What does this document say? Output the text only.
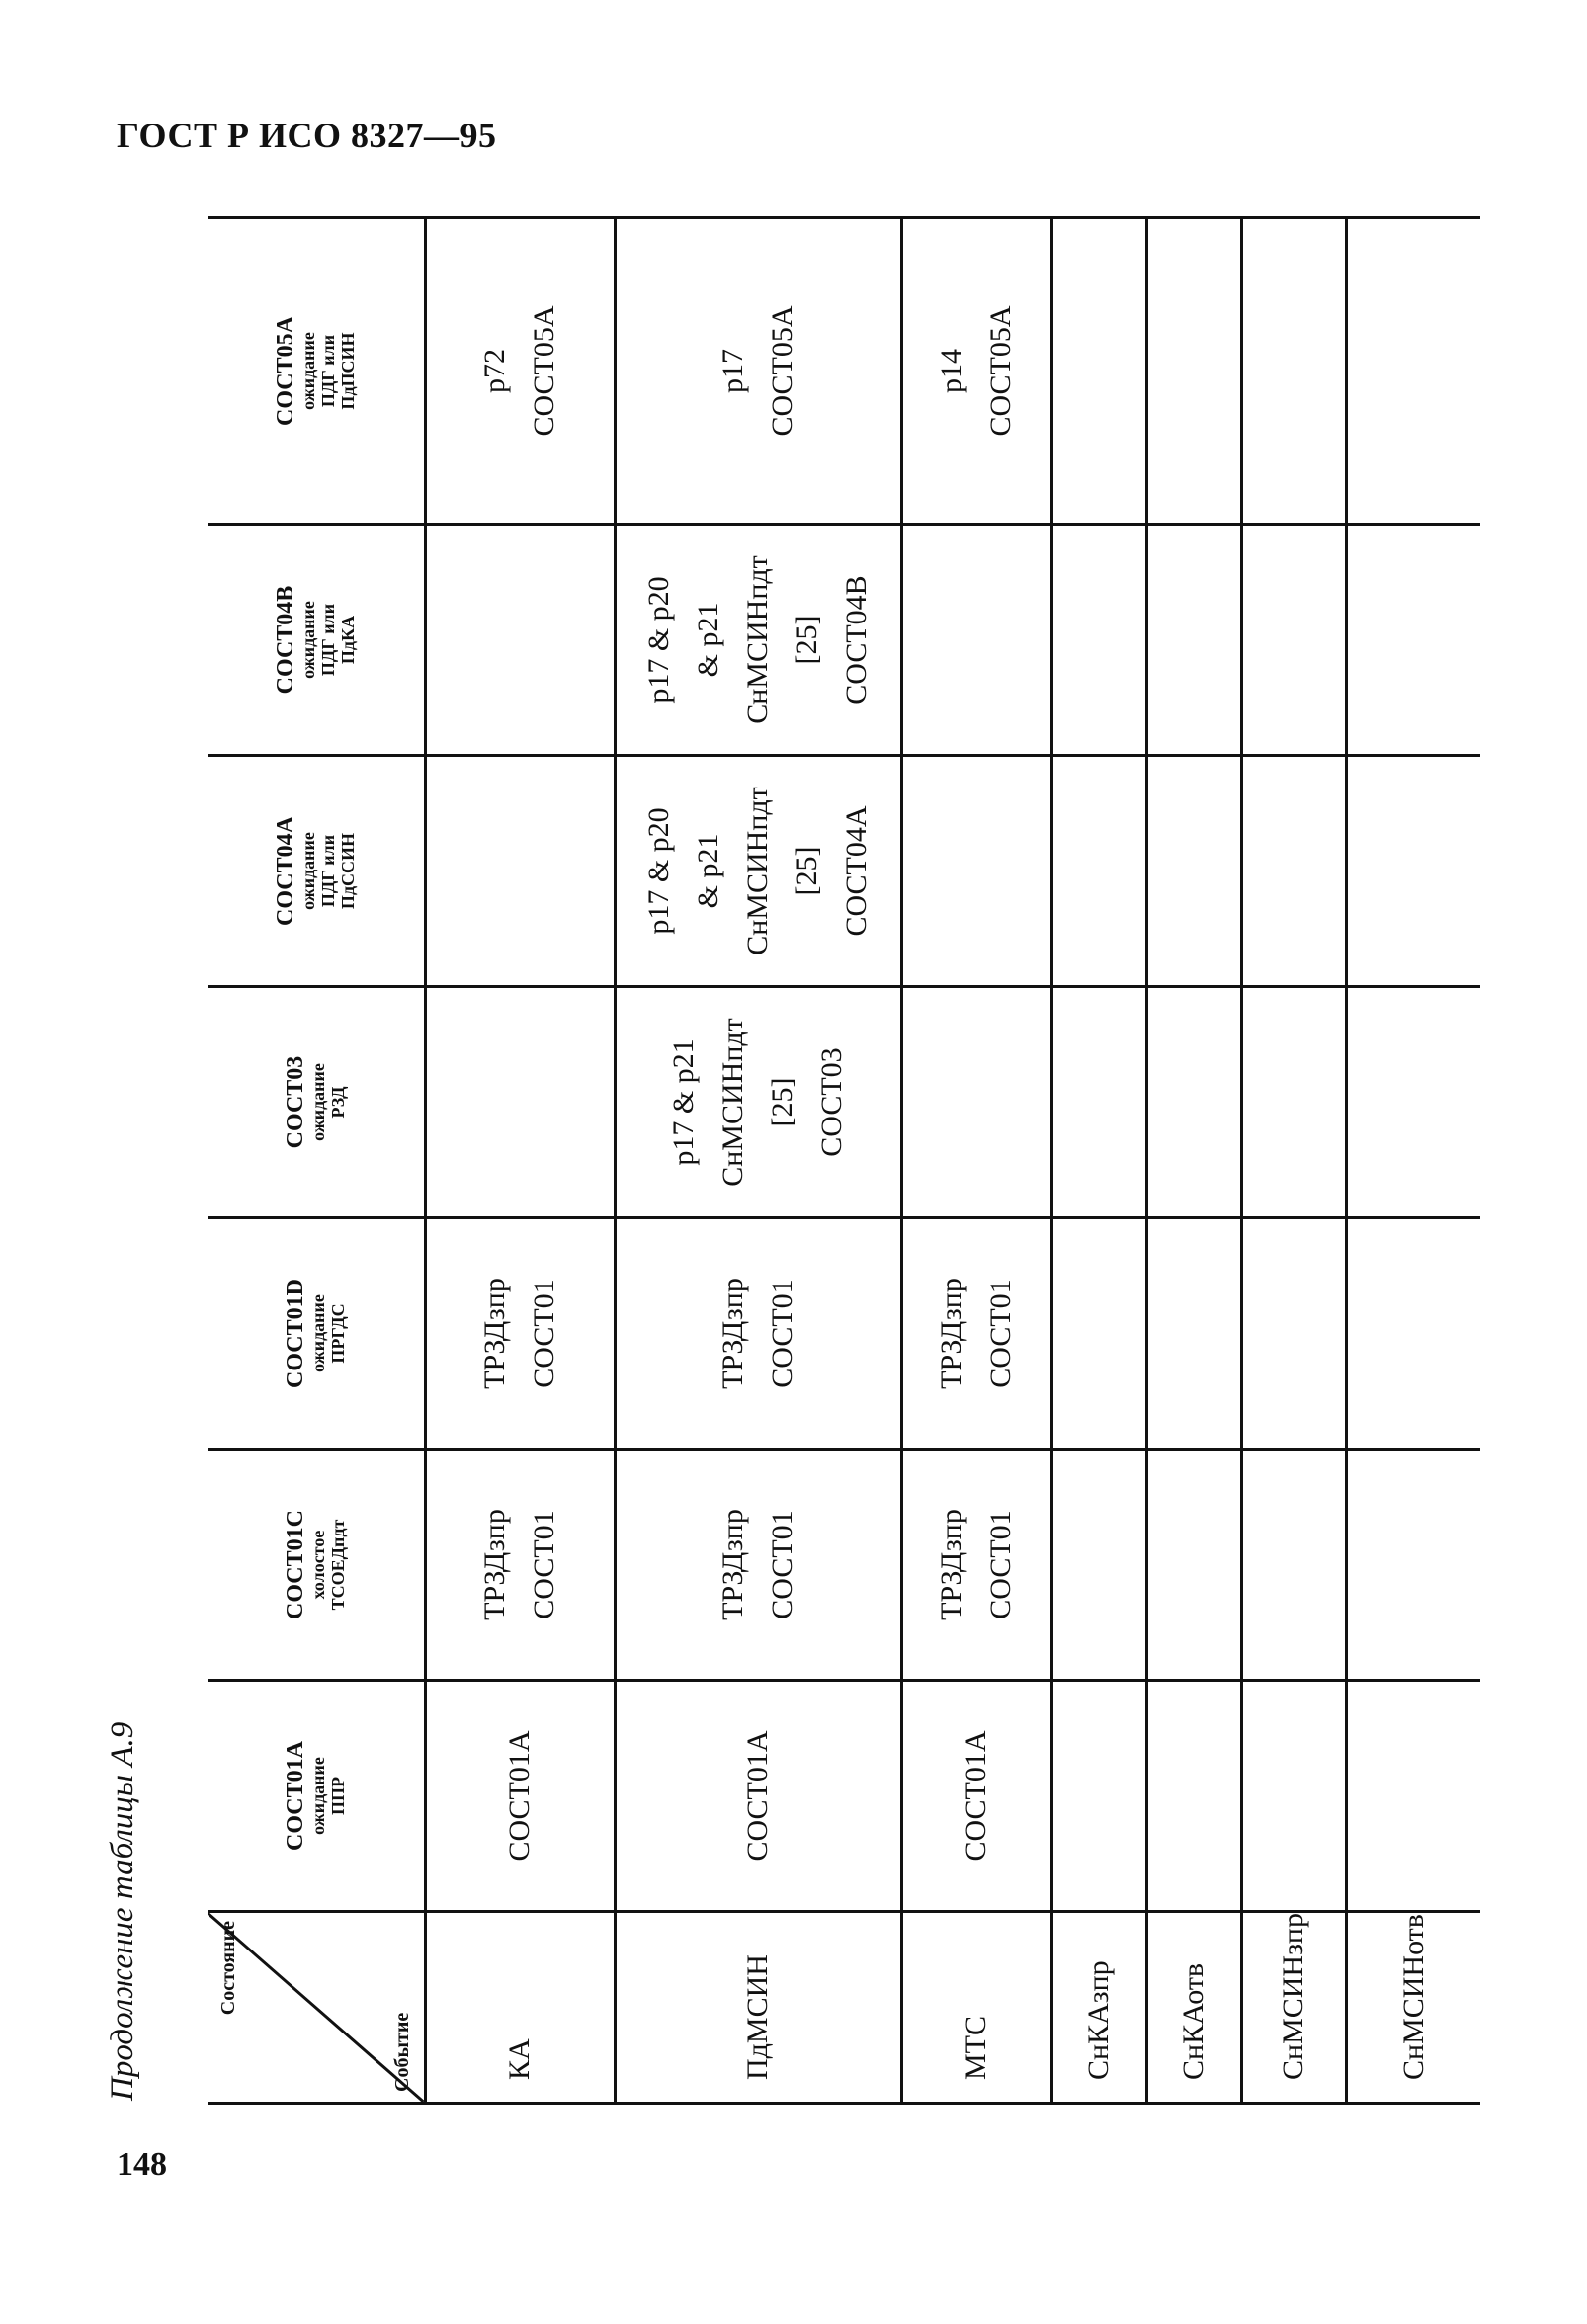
ГОСТ Р ИСО 8327—95
Продолжение таблицы А.9	Состояние
Событие	СОСТ01А ожидание ППР	СОСТ01С холостое ТСОЕДпдт	СОСТ01D ожидание ПРГДС	СОСТ03 ожидание РЗД	СОСТ04А ожидание ПДГ или ПдССИН	СОСТ04В ожидание ПДГ или ПдКА	СОСТ05А ожидание ПДГ или ПдПСИН

КА	СОСТ01А	ТРЗДзпр СОСТ01	ТРЗДзпр СОСТ01				p72 СОСТ05А

ПдМСИН	СОСТ01А	ТРЗДзпр СОСТ01	ТРЗДзпр СОСТ01	p17 & p21 СнМСИНпдт [25] СОСТ03	p17 & p20 & p21 СнМСИНпдт [25] СОСТ04А	p17 & p20 & p21 СнМСИНпдт [25] СОСТ04В	p17 СОСТ05А

МТС	СОСТ01А	ТРЗДзпр СОСТ01	ТРЗДзпр СОСТ01				p14 СОСТ05А

СнКАзпр							
СнКАотв							
СнМСИНзпр							
СнМСИНотв							
148
